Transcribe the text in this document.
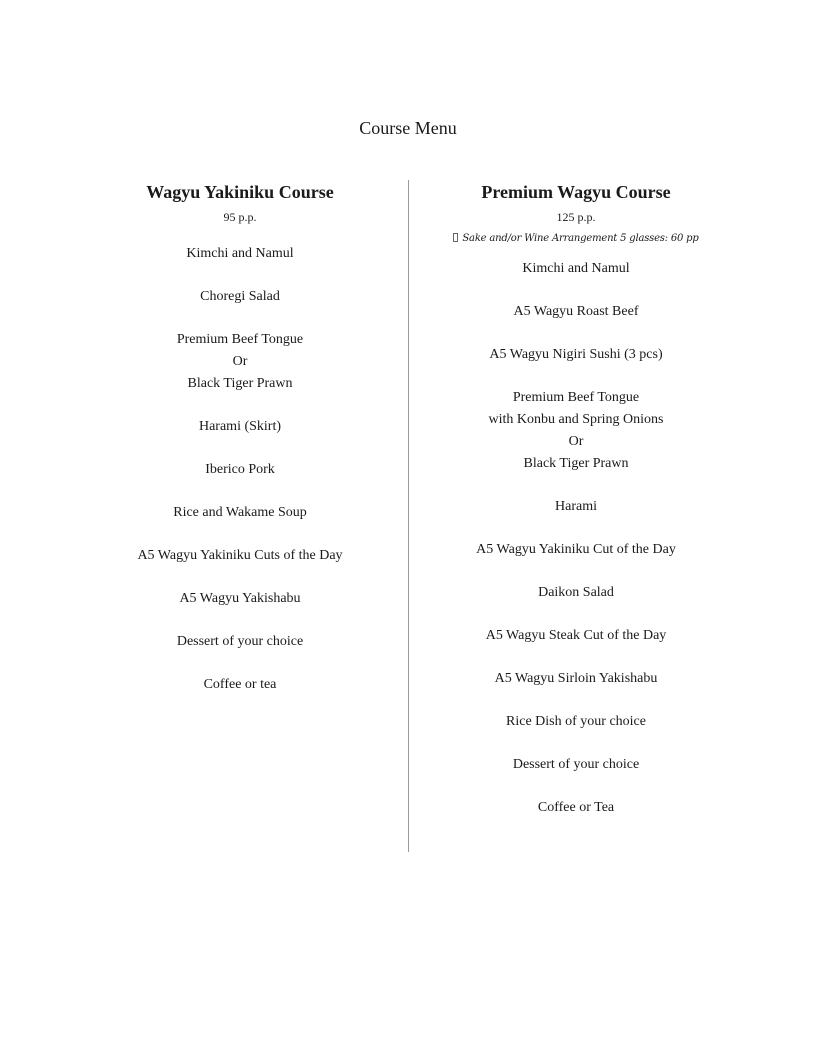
Course Menu
Wagyu Yakiniku Course
95 p.p.
Kimchi and Namul
Choregi Salad
Premium Beef Tongue
Or
Black Tiger Prawn
Harami (Skirt)
Iberico Pork
Rice and Wakame Soup
A5 Wagyu Yakiniku Cuts of the Day
A5 Wagyu Yakishabu
Dessert of your choice
Coffee or tea
Premium Wagyu Course
125 p.p.
Sake and/or Wine Arrangement 5 glasses: 60 pp
Kimchi and Namul
A5 Wagyu Roast Beef
A5 Wagyu Nigiri Sushi (3 pcs)
Premium Beef Tongue
with Konbu and Spring Onions
Or
Black Tiger Prawn
Harami
A5 Wagyu Yakiniku Cut of the Day
Daikon Salad
A5 Wagyu Steak Cut of the Day
A5 Wagyu Sirloin Yakishabu
Rice Dish of your choice
Dessert of your choice
Coffee or Tea
